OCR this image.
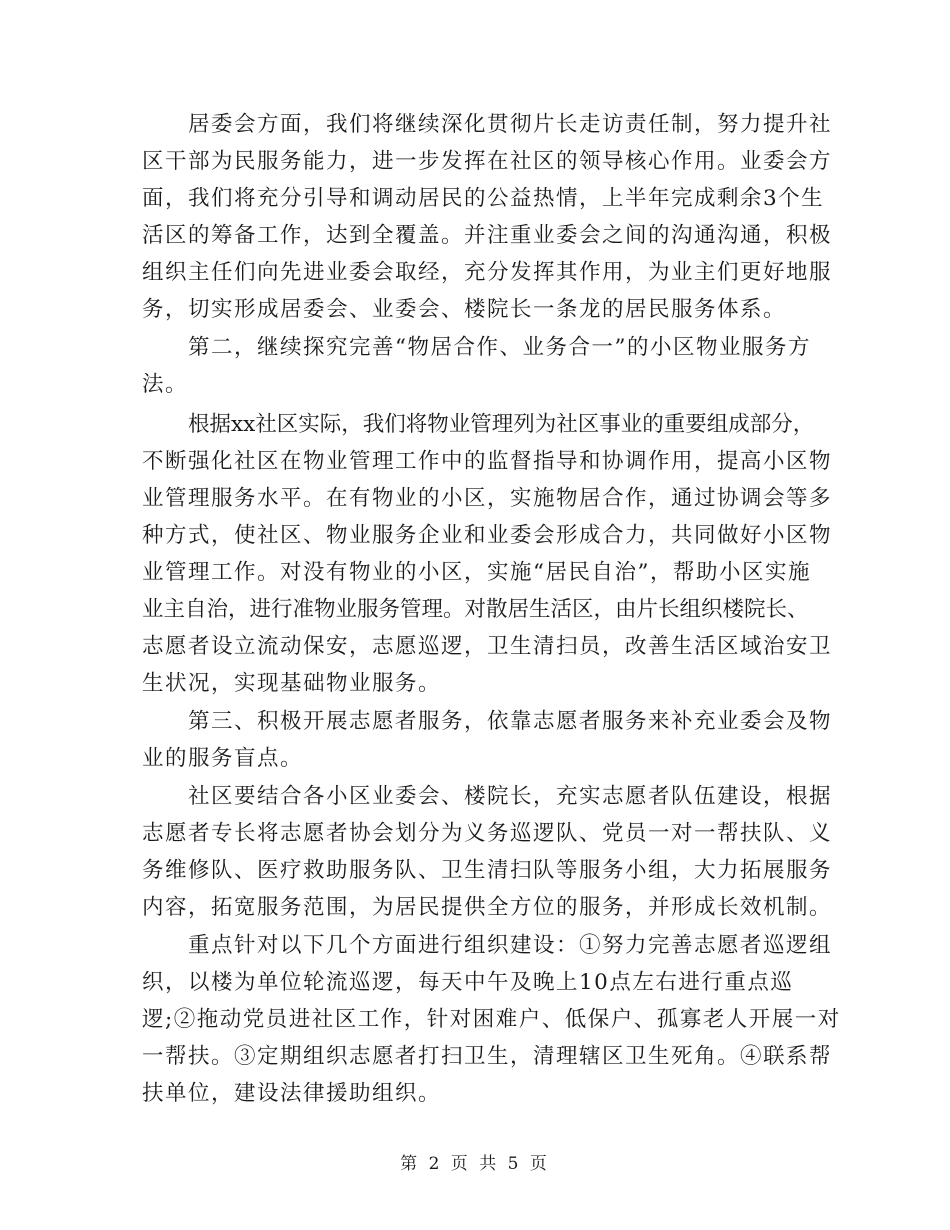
居委会方面，我们将继续深化贯彻片长走访责任制，努力提升社
区干部为民服务能力，进一步发挥在社区的领导核心作用。业委会方
面，我们将充分引导和调动居民的公益热情，上半年完成剩余3个生
活区的筹备工作，达到全覆盖。并注重业委会之间的沟通沟通，积极
组织主任们向先进业委会取经，充分发挥其作用，为业主们更好地服
务，切实形成居委会、业委会、楼院长一条龙的居民服务体系。
第二，继续探究完善“物居合作、业务合一”的小区物业服务方
法。
根据xx社区实际，我们将物业管理列为社区事业的重要组成部分，
不断强化社区在物业管理工作中的监督指导和协调作用，提高小区物
业管理服务水平。在有物业的小区，实施物居合作，通过协调会等多
种方式，使社区、物业服务企业和业委会形成合力，共同做好小区物
业管理工作。对没有物业的小区，实施“居民自治”，帮助小区实施
业主自治，进行准物业服务管理。对散居生活区，由片长组织楼院长、
志愿者设立流动保安，志愿巡逻，卫生清扫员，改善生活区域治安卫
生状况，实现基础物业服务。
第三、积极开展志愿者服务，依靠志愿者服务来补充业委会及物
业的服务盲点。
社区要结合各小区业委会、楼院长，充实志愿者队伍建设，根据
志愿者专长将志愿者协会划分为义务巡逻队、党员一对一帮扶队、义
务维修队、医疗救助服务队、卫生清扫队等服务小组，大力拓展服务
内容，拓宽服务范围，为居民提供全方位的服务，并形成长效机制。
重点针对以下几个方面进行组织建设：①努力完善志愿者巡逻组
织，以楼为单位轮流巡逻，每天中午及晚上10点左右进行重点巡
逻;②拖动党员进社区工作，针对困难户、低保户、孤寡老人开展一对
一帮扶。③定期组织志愿者打扫卫生，清理辖区卫生死角。④联系帮
扶单位，建设法律援助组织。
第 2 页 共 5 页
